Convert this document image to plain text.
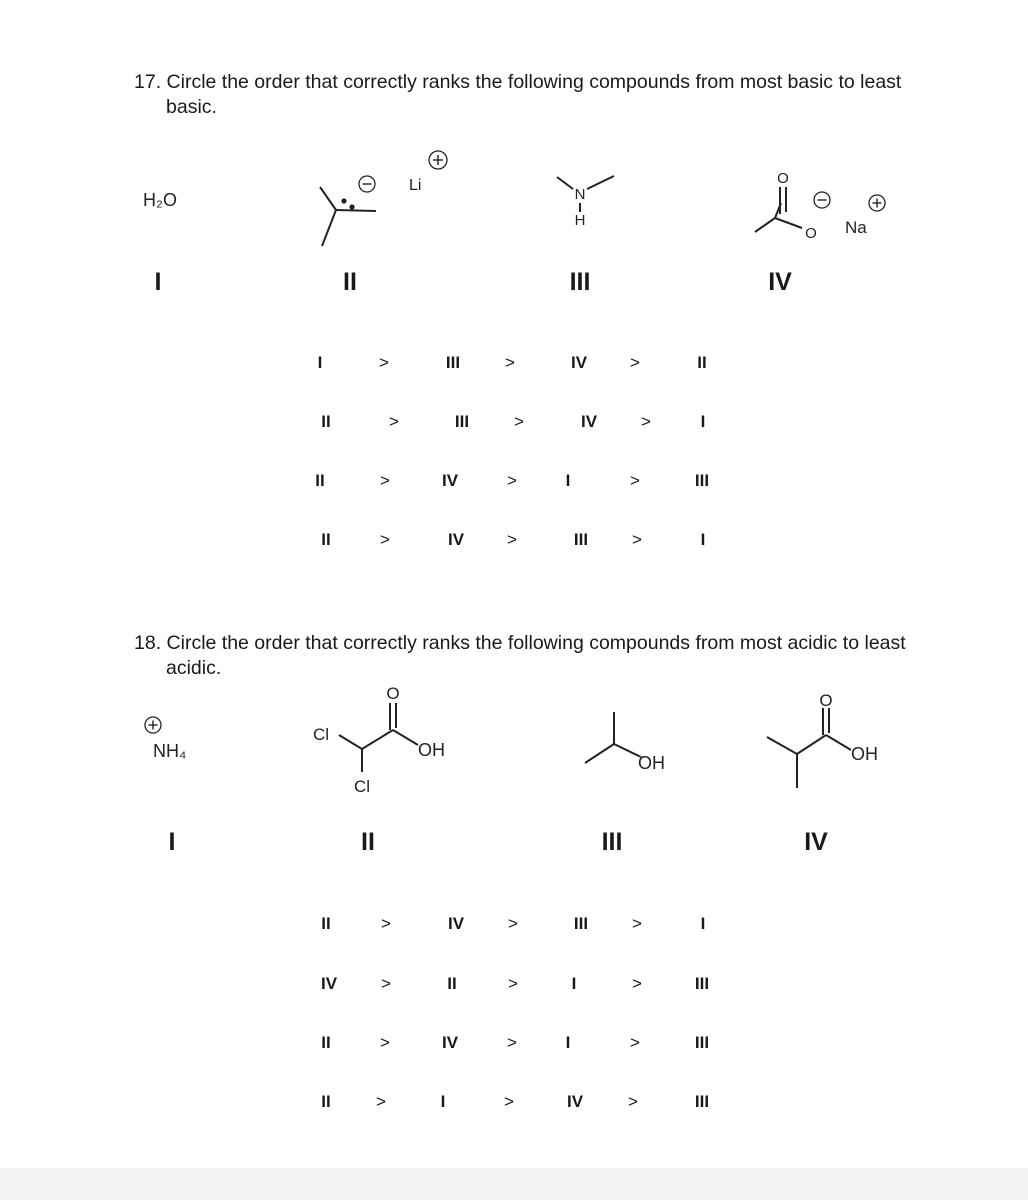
17. Circle the order that correctly ranks the following compounds from most basic to least
basic.
H₂O
Li
N
H
O
O Na
I	II	III	IV
I	>	III	>	IV	>	II
II	>	III	>	IV	>	I
II	>	IV	>	I	>	III
II	>	IV	>	III	>	I
18. Circle the order that correctly ranks the following compounds from most acidic to least
acidic.
NH₄
Cl
Cl
O
OH
OH
O
OH
I	II	III	IV
II	>	IV	>	III	>	I
IV	>	II	>	I	>	III
II	>	IV	>	I	>	III
II	>	I	>	IV	>	III
